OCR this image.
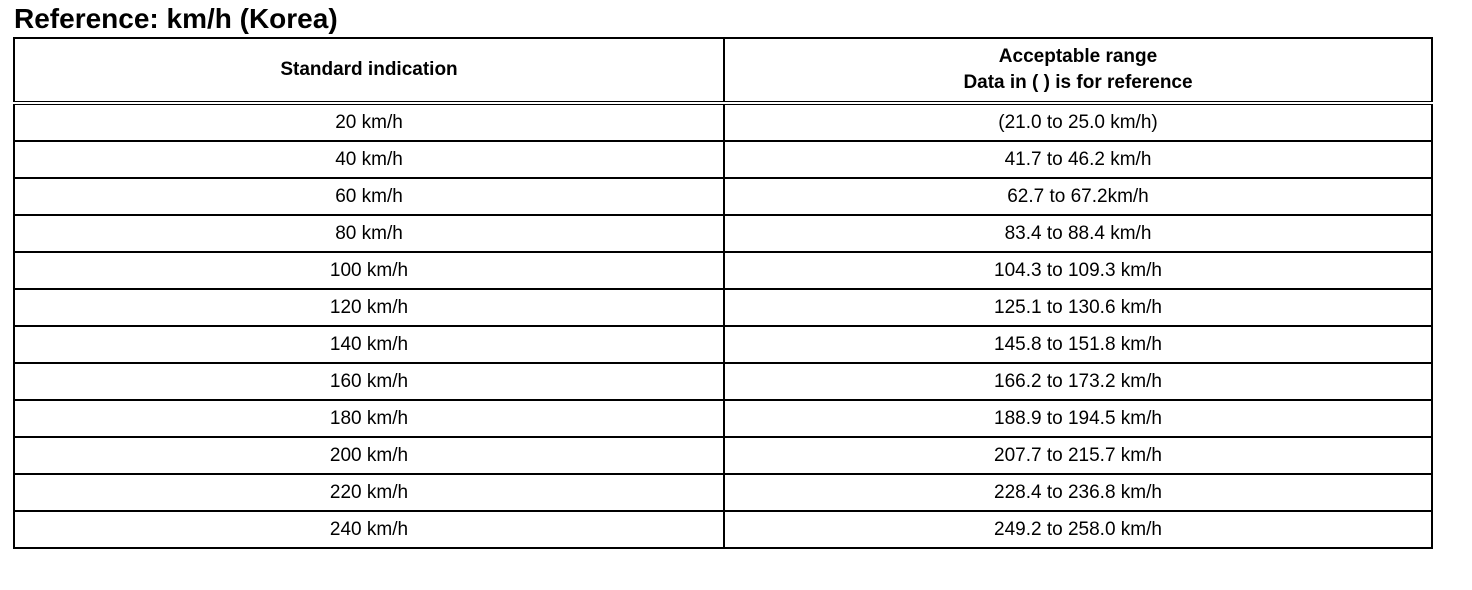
Reference: km/h (Korea)
Standard indication	Acceptable range
Data in ( ) is for reference

20 km/h	(21.0 to 25.0 km/h)
40 km/h	41.7 to 46.2 km/h
60 km/h	62.7 to 67.2km/h
80 km/h	83.4 to 88.4 km/h
100 km/h	104.3 to 109.3 km/h
120 km/h	125.1 to 130.6 km/h
140 km/h	145.8 to 151.8 km/h
160 km/h	166.2 to 173.2 km/h
180 km/h	188.9 to 194.5 km/h
200 km/h	207.7 to 215.7 km/h
220 km/h	228.4 to 236.8 km/h
240 km/h	249.2 to 258.0 km/h
